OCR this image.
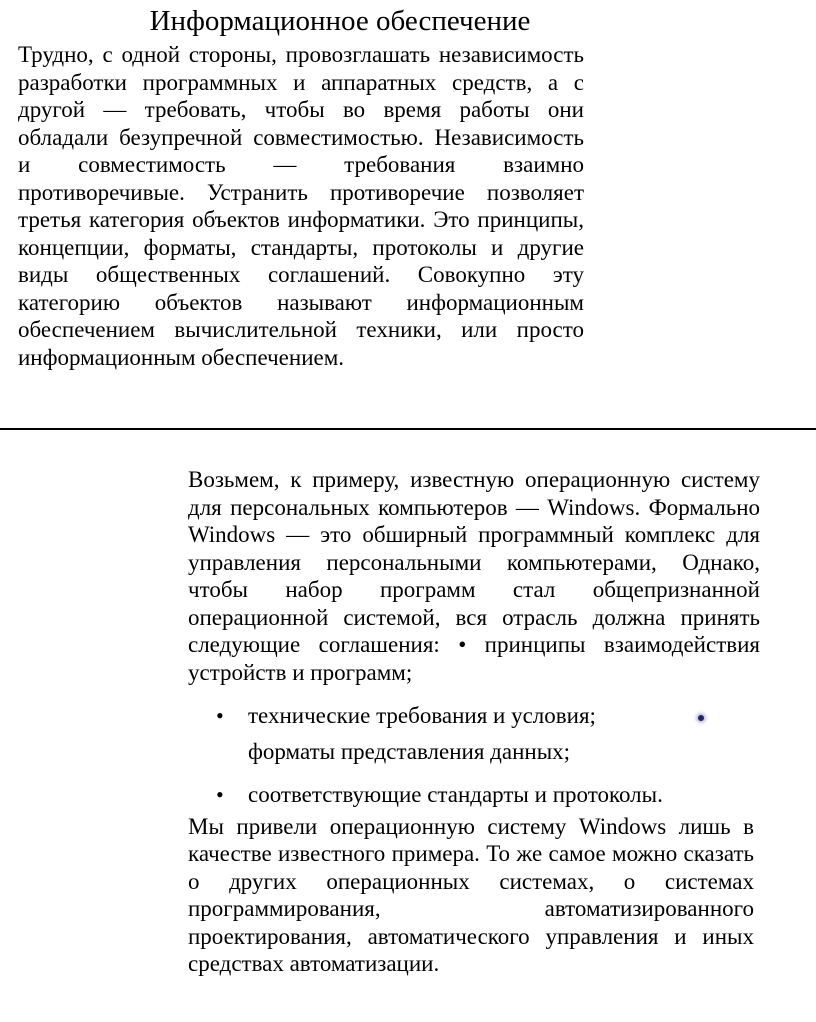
Информационное обеспечение

Трудно, с одной стороны, провозглашать независимость разработки программных и аппаратных средств, а с другой — требовать, чтобы во время работы они обладали безупречной совместимостью. Независимость и совместимость — требования взаимно противоречивые. Устранить противоречие позволяет третья категория объектов информатики. Это принципы, концепции, форматы, стандарты, протоколы и другие виды общественных соглашений. Совокупно эту категорию объектов называют информационным обеспечением вычислительной техники, или просто информационным обеспечением.

Возьмем, к примеру, известную операционную систему для персональных компьютеров — Windows. Формально Windows — это обширный программный комплекс для управления персональными компьютерами, Однако, чтобы набор программ стал общепризнанной операционной системой, вся отрасль должна принять следующие соглашения: • принципы взаимодействия устройств и программ;

• технические требования и условия;
форматы представления данных;
• соответствующие стандарты и протоколы.

Мы привели операционную систему Windows лишь в качестве известного примера. То же самое можно сказать о других операционных системах, о системах программирования, автоматизированного проектирования, автоматического управления и иных средствах автоматизации.
